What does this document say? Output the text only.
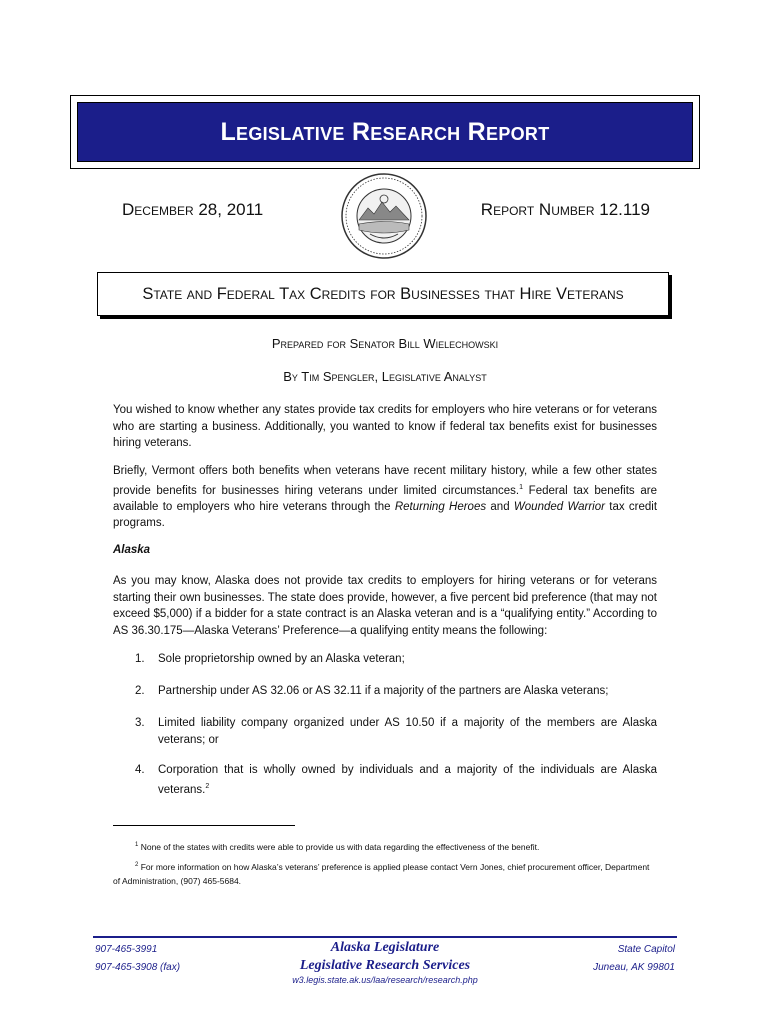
Legislative Research Report
December 28, 2011	Report Number 12.119
State and Federal Tax Credits for Businesses that Hire Veterans
Prepared for Senator Bill Wielechowski
By Tim Spengler, Legislative Analyst
You wished to know whether any states provide tax credits for employers who hire veterans or for veterans who are starting a business. Additionally, you wanted to know if federal tax benefits exist for businesses hiring veterans.
Briefly, Vermont offers both benefits when veterans have recent military history, while a few other states provide benefits for businesses hiring veterans under limited circumstances.$^1$ Federal tax benefits are available to employers who hire veterans through the Returning Heroes and Wounded Warrior tax credit programs.
Alaska
As you may know, Alaska does not provide tax credits to employers for hiring veterans or for veterans starting their own businesses. The state does provide, however, a five percent bid preference (that may not exceed $5,000) if a bidder for a state contract is an Alaska veteran and is a “qualifying entity.” According to AS 36.30.175—Alaska Veterans’ Preference—a qualifying entity means the following:
1. Sole proprietorship owned by an Alaska veteran;
2. Partnership under AS 32.06 or AS 32.11 if a majority of the partners are Alaska veterans;
3. Limited liability company organized under AS 10.50 if a majority of the members are Alaska veterans; or
4. Corporation that is wholly owned by individuals and a majority of the individuals are Alaska veterans.$^2$
$^1$ None of the states with credits were able to provide us with data regarding the effectiveness of the benefit.
$^2$ For more information on how Alaska’s veterans’ preference is applied please contact Vern Jones, chief procurement officer, Department of Administration, (907) 465-5684.
907-465-3991
907-465-3908 (fax)
Alaska Legislature
Legislative Research Services
w3.legis.state.ak.us/laa/research/research.php
State Capitol
Juneau, AK 99801
